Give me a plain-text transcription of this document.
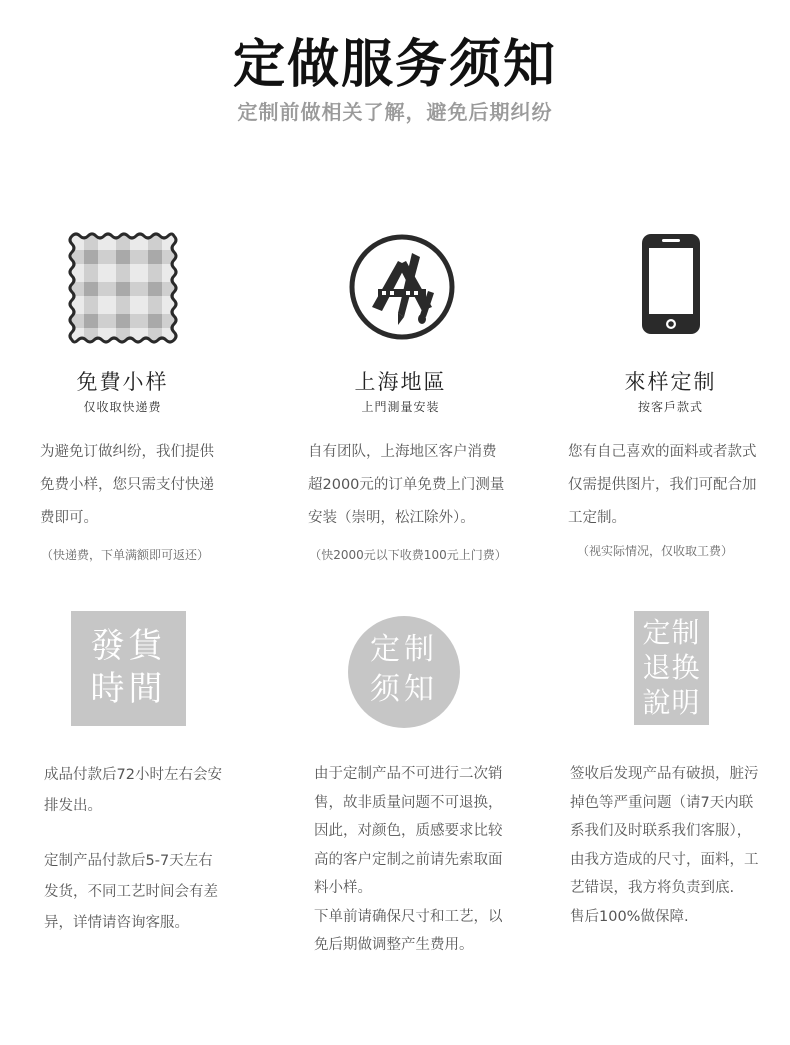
定做服务须知
定制前做相关了解，避免后期纠纷
免費小样
仅收取快递费
上海地區
上門測量安装
來样定制
按客戶款式
为避免订做纠纷，我们提供
免费小样，您只需支付快递
费即可。
自有团队，上海地区客户消费
超2000元的订单免费上门测量
安装（崇明，松江除外）。
您有自己喜欢的面料或者款式
仅需提供图片，我们可配合加
工定制。
（快递费，下单满额即可返还）	（快2000元以下收费100元上门费）	（视实际情况，仅收取工费）
發貨
時間
定制
须知
定制
退换
說明
成品付款后72小时左右会安
排发出。
定制产品付款后5-7天左右
发货，不同工艺时间会有差
异，详情请咨询客服。
由于定制产品不可进行二次销
售，故非质量问题不可退换，
因此，对颜色，质感要求比较
高的客户定制之前请先索取面
料小样。
下单前请确保尺寸和工艺，以
免后期做调整产生费用。
签收后发现产品有破损，脏污
掉色等严重问题（请7天内联
系我们及时联系我们客服），
由我方造成的尺寸，面料，工
艺错误，我方将负责到底.
售后100%做保障.
